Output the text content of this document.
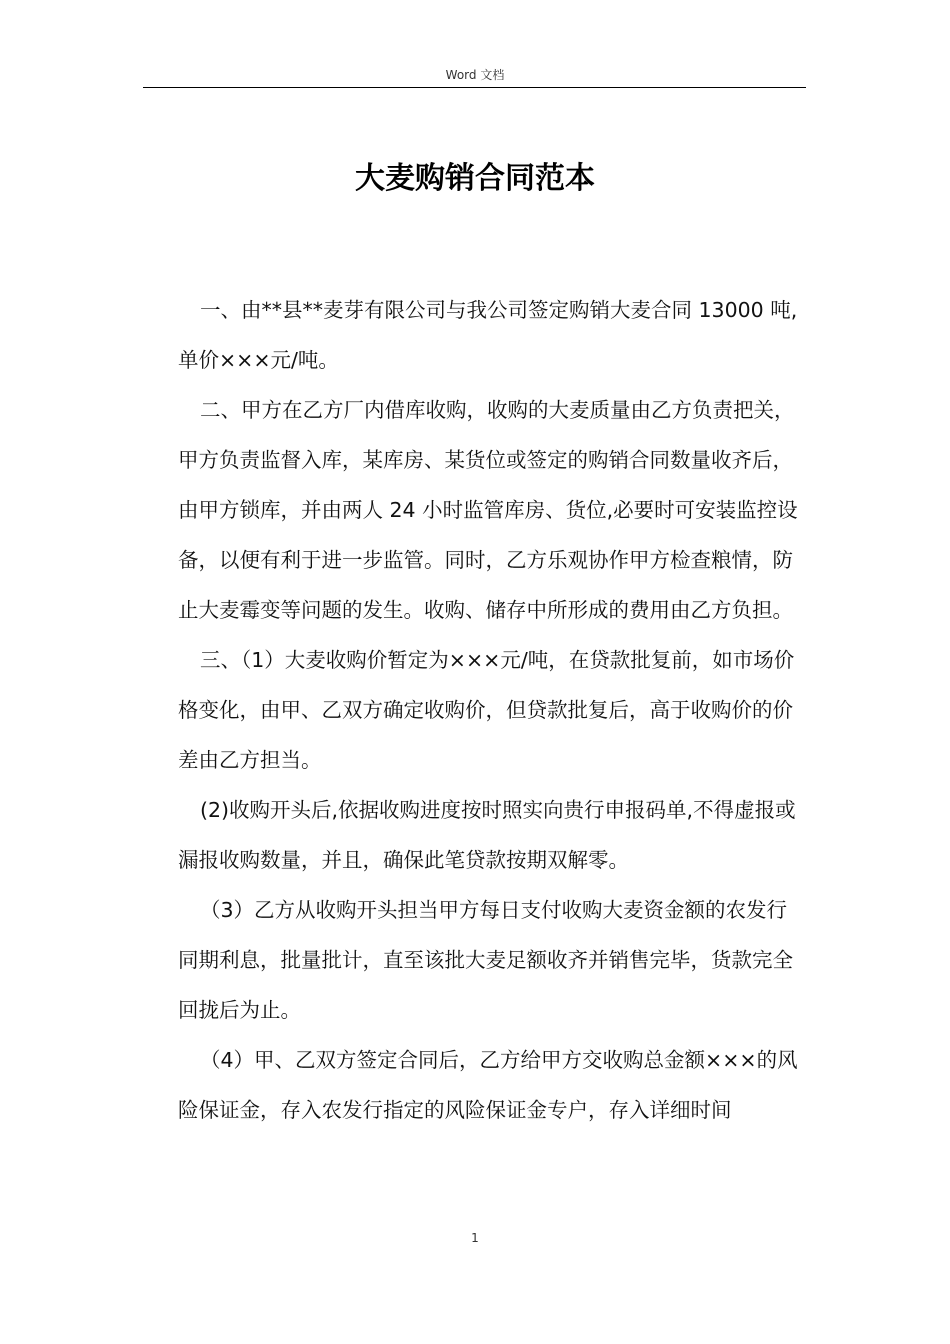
Word 文档
大麦购销合同范本

一、由**县**麦芽有限公司与我公司签定购销大麦合同 13000 吨,单价×××元/吨。

二、甲方在乙方厂内借库收购，收购的大麦质量由乙方负责把关，甲方负责监督入库，某库房、某货位或签定的购销合同数量收齐后，由甲方锁库，并由两人 24 小时监管库房、货位,必要时可安装监控设备，以便有利于进一步监管。同时，乙方乐观协作甲方检查粮情，防止大麦霉变等问题的发生。收购、储存中所形成的费用由乙方负担。

三、（1）大麦收购价暂定为×××元/吨，在贷款批复前，如市场价格变化，由甲、乙双方确定收购价，但贷款批复后，高于收购价的价差由乙方担当。

(2)收购开头后,依据收购进度按时照实向贵行申报码单,不得虚报或漏报收购数量，并且，确保此笔贷款按期双解零。

（3）乙方从收购开头担当甲方每日支付收购大麦资金额的农发行同期利息，批量批计，直至该批大麦足额收齐并销售完毕，货款完全回拢后为止。

（4）甲、乙双方签定合同后，乙方给甲方交收购总金额×××的风险保证金，存入农发行指定的风险保证金专户，存入详细时间

1
